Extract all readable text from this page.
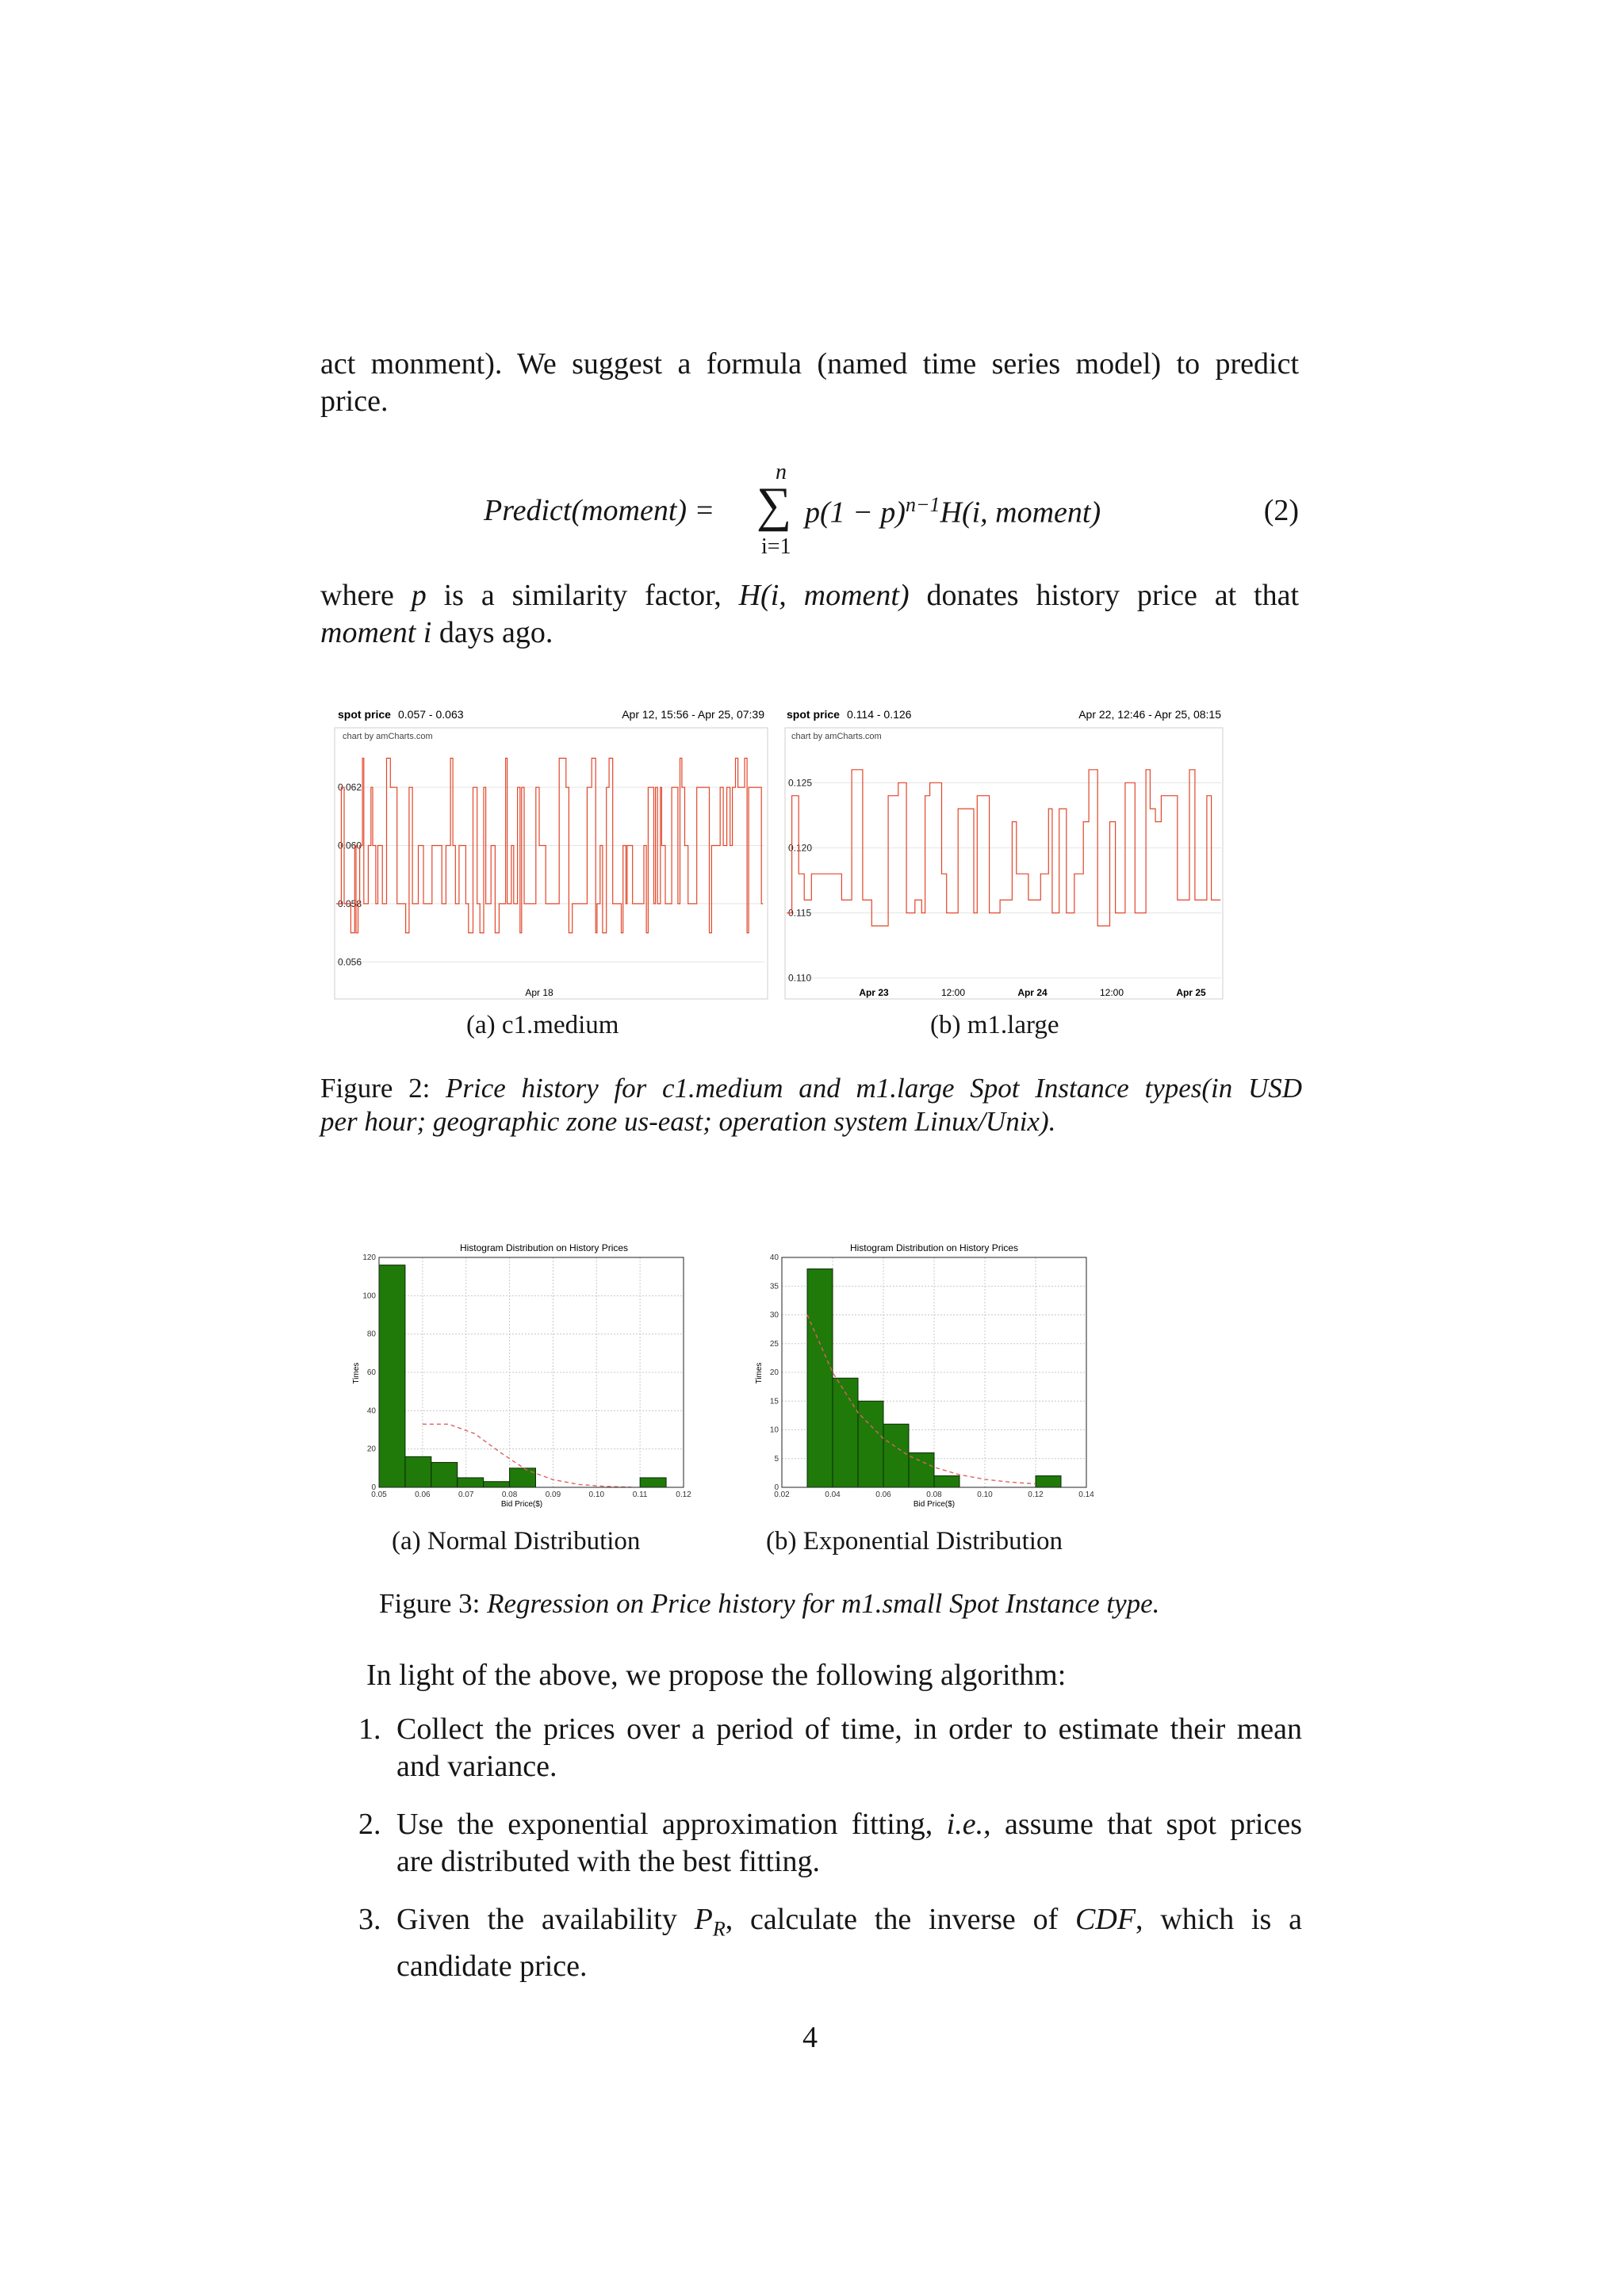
act monment). We suggest a formula (named time series model) to predict
price.
Predict(moment) =
n
∑
i=1
$p(1 - p)^{n-1}H(i$, moment)	(2)
where p is a similarity factor, H(i, moment) donates history price at that
moment i days ago.
spot price 0.057 - 0.063	Apr 12, 15:56 - Apr 25, 07:39
chart by amCharts.com
0.062
0.060
0.058
0.056
Apr 18
spot price 0.114 - 0.126	Apr 22, 12:46 - Apr 25, 08:15
chart by amCharts.com
0.125
0.120
0.115
0.110
Apr 23	12:00	Apr 24	12:00	Apr 25
(a) c1.medium	(b) m1.large
Figure 2: Price history for c1.medium and m1.large Spot Instance types(in USD
per hour; geographic zone us-east; operation system Linux/Unix).
Histogram Distribution on History Prices
0
20
40
60
80
100
120
0.05	0.06	0.07	0.08	0.09	0.10	0.11	0.12
Bid Price($)
Times
Histogram Distribution on History Prices
0
5
10
15
20
25
30
35
40
0.02	0.04	0.06	0.08	0.10	0.12	0.14
Bid Price($)
Times
(a) Normal Distribution	(b) Exponential Distribution
Figure 3: Regression on Price history for m1.small Spot Instance type.
In light of the above, we propose the following algorithm:
1. Collect the prices over a period of time, in order to estimate their mean
and variance.
2. Use the exponential approximation fitting, i.e., assume that spot prices
are distributed with the best fitting.
3. Given the availability $P_R$, calculate the inverse of CDF, which is a
candidate price.
4
